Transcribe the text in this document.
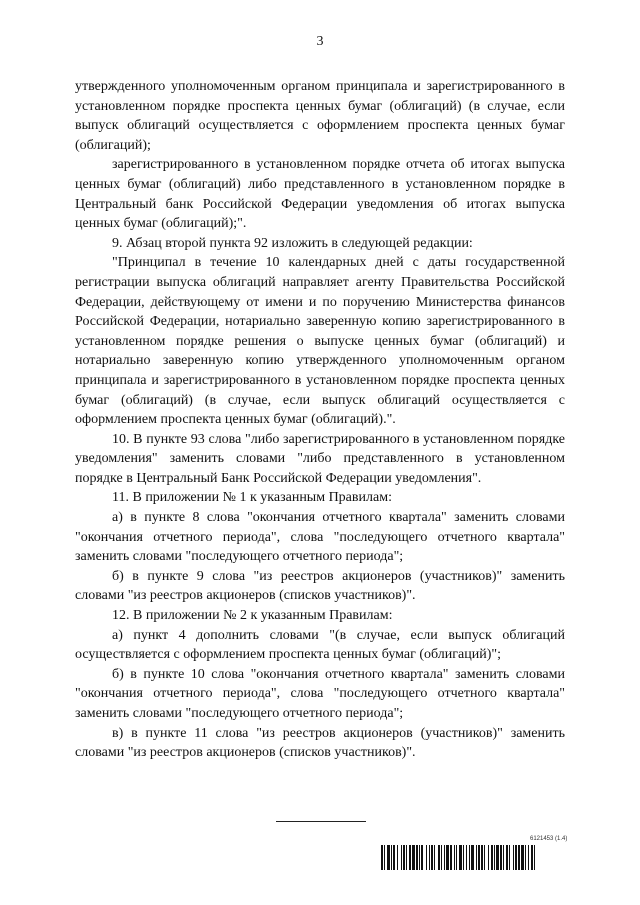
3

утвержденного уполномоченным органом принципала и зарегистрированного в установленном порядке проспекта ценных бумаг (облигаций) (в случае, если выпуск облигаций осуществляется с оформлением проспекта ценных бумаг (облигаций);

зарегистрированного в установленном порядке отчета об итогах выпуска ценных бумаг (облигаций) либо представленного в установленном порядке в Центральный банк Российской Федерации уведомления об итогах выпуска ценных бумаг (облигаций);".

9. Абзац второй пункта 92 изложить в следующей редакции:

"Принципал в течение 10 календарных дней с даты государственной регистрации выпуска облигаций направляет агенту Правительства Российской Федерации, действующему от имени и по поручению Министерства финансов Российской Федерации, нотариально заверенную копию зарегистрированного в установленном порядке решения о выпуске ценных бумаг (облигаций) и нотариально заверенную копию утвержденного уполномоченным органом принципала и зарегистрированного в установленном порядке проспекта ценных бумаг (облигаций) (в случае, если выпуск облигаций осуществляется с оформлением проспекта ценных бумаг (облигаций).".

10. В пункте 93 слова "либо зарегистрированного в установленном порядке уведомления" заменить словами "либо представленного в установленном порядке в Центральный Банк Российской Федерации уведомления".

11. В приложении № 1 к указанным Правилам:

а) в пункте 8 слова "окончания отчетного квартала" заменить словами "окончания отчетного периода", слова "последующего отчетного квартала" заменить словами "последующего отчетного периода";

б) в пункте 9 слова "из реестров акционеров (участников)" заменить словами "из реестров акционеров (списков участников)".

12. В приложении № 2 к указанным Правилам:

а) пункт 4 дополнить словами "(в случае, если выпуск облигаций осуществляется с оформлением проспекта ценных бумаг (облигаций)";

б) в пункте 10 слова "окончания отчетного квартала" заменить словами "окончания отчетного периода", слова "последующего отчетного квартала" заменить словами "последующего отчетного периода";

в) в пункте 11 слова "из реестров акционеров (участников)" заменить словами "из реестров акционеров (списков участников)".

6121453 (1.4)
